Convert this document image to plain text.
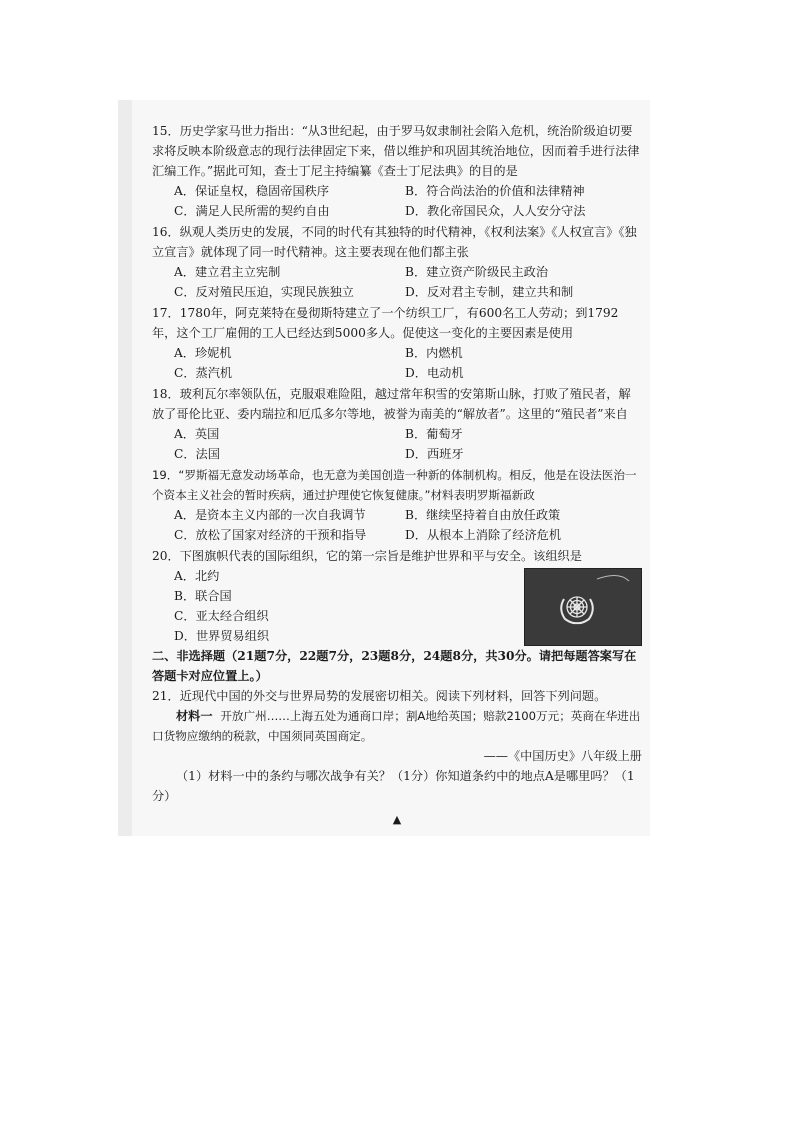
15．历史学家马世力指出：“从3世纪起，由于罗马奴隶制社会陷入危机，统治阶级迫切要求将反映本阶级意志的现行法律固定下来，借以维护和巩固其统治地位，因而着手进行法律汇编工作。”据此可知，查士丁尼主持编纂《查士丁尼法典》的目的是

A．保证皇权，稳固帝国秩序	B．符合尚法治的价值和法律精神
C．满足人民所需的契约自由	D．教化帝国民众，人人安分守法

16．纵观人类历史的发展，不同的时代有其独特的时代精神，《权利法案》《人权宣言》《独立宣言》就体现了同一时代精神。这主要表现在他们都主张

A．建立君主立宪制	B．建立资产阶级民主政治
C．反对殖民压迫，实现民族独立	D．反对君主专制，建立共和制

17．1780年，阿克莱特在曼彻斯特建立了一个纺织工厂，有600名工人劳动；到1792年，这个工厂雇佣的工人已经达到5000多人。促使这一变化的主要因素是使用

A．珍妮机	B．内燃机
C．蒸汽机	D．电动机

18．玻利瓦尔率领队伍，克服艰难险阻，越过常年积雪的安第斯山脉，打败了殖民者，解放了哥伦比亚、委内瑞拉和厄瓜多尔等地，被誉为南美的“解放者”。这里的“殖民者”来自

A．英国	B．葡萄牙
C．法国	D．西班牙

19．“罗斯福无意发动场革命，也无意为美国创造一种新的体制机构。相反，他是在设法医治一个资本主义社会的暂时疾病，通过护理使它恢复健康。”材料表明罗斯福新政

A．是资本主义内部的一次自我调节	B．继续坚持着自由放任政策
C．放松了国家对经济的干预和指导	D．从根本上消除了经济危机

20．下图旗帜代表的国际组织，它的第一宗旨是维护世界和平与安全。该组织是

A．北约
B．联合国
C．亚太经合组织
D．世界贸易组织

二、非选择题（21题7分，22题7分，23题8分，24题8分，共30分。请把每题答案写在答题卡对应位置上。）

21．近现代中国的外交与世界局势的发展密切相关。阅读下列材料，回答下列问题。

材料一 开放广州……上海五处为通商口岸；割A地给英国；赔款2100万元；英商在华进出口货物应缴纳的税款，中国须同英国商定。

——《中国历史》八年级上册

（1）材料一中的条约与哪次战争有关？（1分）你知道条约中的地点A是哪里吗？（1分）

▲
